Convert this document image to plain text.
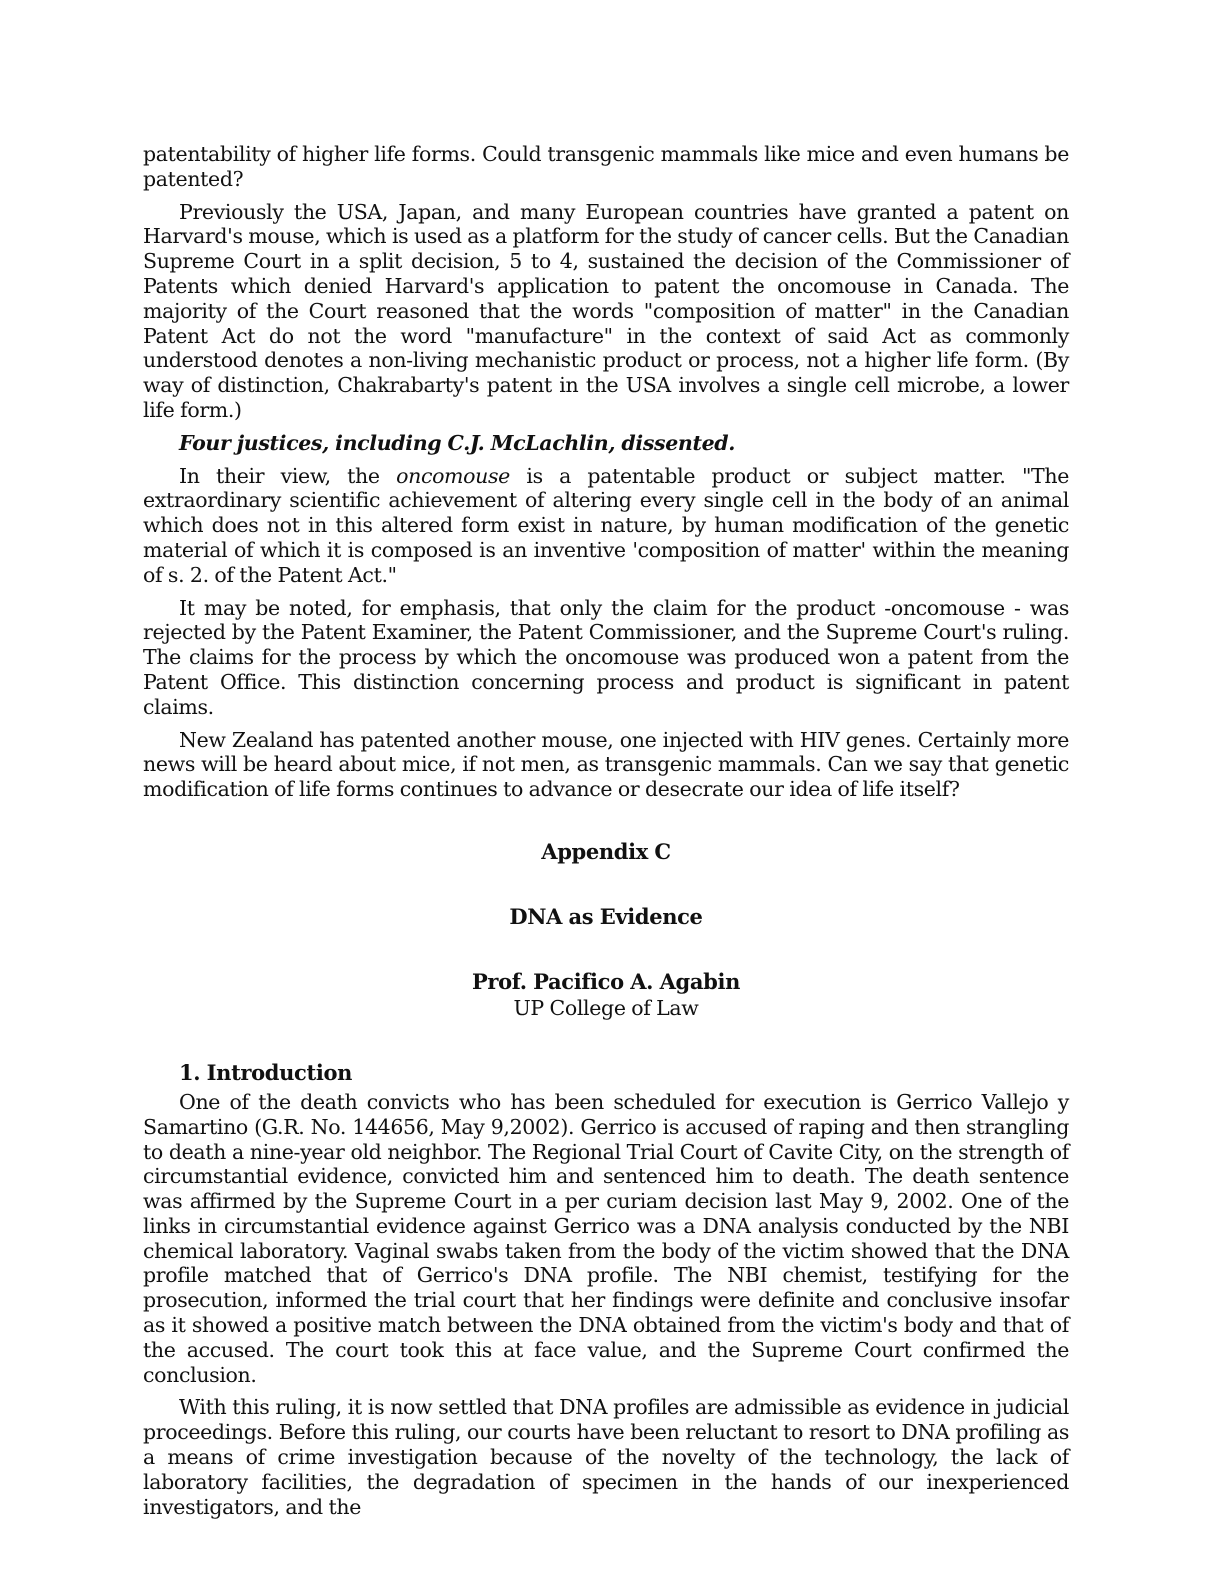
patentability of higher life forms. Could transgenic mammals like mice and even humans be patented?

Previously the USA, Japan, and many European countries have granted a patent on Harvard's mouse, which is used as a platform for the study of cancer cells. But the Canadian Supreme Court in a split decision, 5 to 4, sustained the decision of the Commissioner of Patents which denied Harvard's application to patent the oncomouse in Canada. The majority of the Court reasoned that the words "composition of matter" in the Canadian Patent Act do not the word "manufacture" in the context of said Act as commonly understood denotes a non-living mechanistic product or process, not a higher life form. (By way of distinction, Chakrabarty's patent in the USA involves a single cell microbe, a lower life form.)

Four justices, including C.J. McLachlin, dissented.

In their view, the oncomouse is a patentable product or subject matter. "The extraordinary scientific achievement of altering every single cell in the body of an animal which does not in this altered form exist in nature, by human modification of the genetic material of which it is composed is an inventive 'composition of matter' within the meaning of s. 2. of the Patent Act."

It may be noted, for emphasis, that only the claim for the product -oncomouse - was rejected by the Patent Examiner, the Patent Commissioner, and the Supreme Court's ruling. The claims for the process by which the oncomouse was produced won a patent from the Patent Office. This distinction concerning process and product is significant in patent claims.

New Zealand has patented another mouse, one injected with HIV genes. Certainly more news will be heard about mice, if not men, as transgenic mammals. Can we say that genetic modification of life forms continues to advance or desecrate our idea of life itself?

Appendix C
DNA as Evidence
Prof. Pacifico A. Agabin
UP College of Law
1. Introduction

One of the death convicts who has been scheduled for execution is Gerrico Vallejo y Samartino (G.R. No. 144656, May 9,2002). Gerrico is accused of raping and then strangling to death a nine-year old neighbor. The Regional Trial Court of Cavite City, on the strength of circumstantial evidence, convicted him and sentenced him to death. The death sentence was affirmed by the Supreme Court in a per curiam decision last May 9, 2002. One of the links in circumstantial evidence against Gerrico was a DNA analysis conducted by the NBI chemical laboratory. Vaginal swabs taken from the body of the victim showed that the DNA profile matched that of Gerrico's DNA profile. The NBI chemist, testifying for the prosecution, informed the trial court that her findings were definite and conclusive insofar as it showed a positive match between the DNA obtained from the victim's body and that of the accused. The court took this at face value, and the Supreme Court confirmed the conclusion.

With this ruling, it is now settled that DNA profiles are admissible as evidence in judicial proceedings. Before this ruling, our courts have been reluctant to resort to DNA profiling as a means of crime investigation because of the novelty of the technology, the lack of laboratory facilities, the degradation of specimen in the hands of our inexperienced investigators, and the
